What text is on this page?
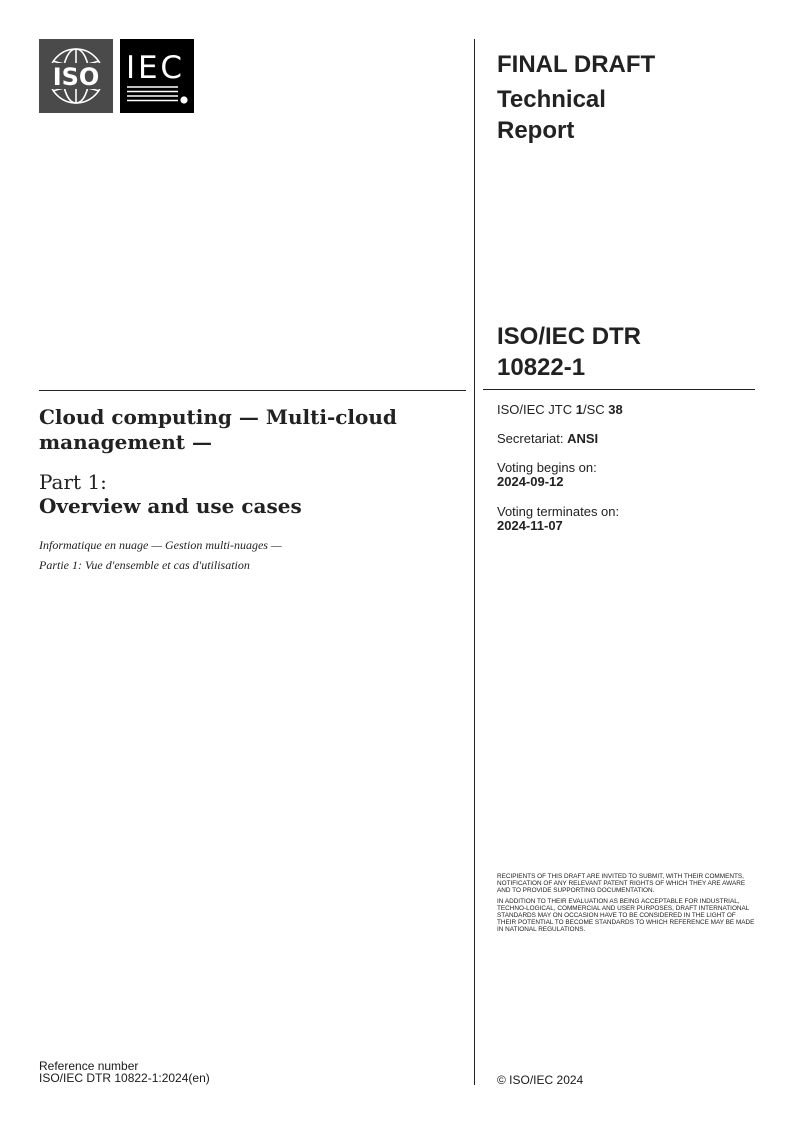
ISO IEC	FINAL DRAFT
Technical
Report
ISO/IEC DTR
10822-1
ISO/IEC JTC 1/SC 38
Secretariat: ANSI
Voting begins on:
2024-09-12
Voting terminates on:
2024-11-07
Cloud computing — Multi-cloud
management —
Part 1:
Overview and use cases
Informatique en nuage — Gestion multi-nuages —
Partie 1: Vue d'ensemble et cas d'utilisation

RECIPIENTS OF THIS DRAFT ARE INVITED TO SUBMIT, WITH THEIR COMMENTS, NOTIFICATION OF ANY RELEVANT PATENT RIGHTS OF WHICH THEY ARE AWARE AND TO PROVIDE SUPPORTING DOCUMENTATION.

IN ADDITION TO THEIR EVALUATION AS BEING ACCEPTABLE FOR INDUSTRIAL, TECHNO-LOGICAL, COMMERCIAL AND USER PURPOSES, DRAFT INTERNATIONAL STANDARDS MAY ON OCCASION HAVE TO BE CONSIDERED IN THE LIGHT OF THEIR POTENTIAL TO BECOME STANDARDS TO WHICH REFERENCE MAY BE MADE IN NATIONAL REGULATIONS.

Reference number
ISO/IEC DTR 10822-1:2024(en)	© ISO/IEC 2024
